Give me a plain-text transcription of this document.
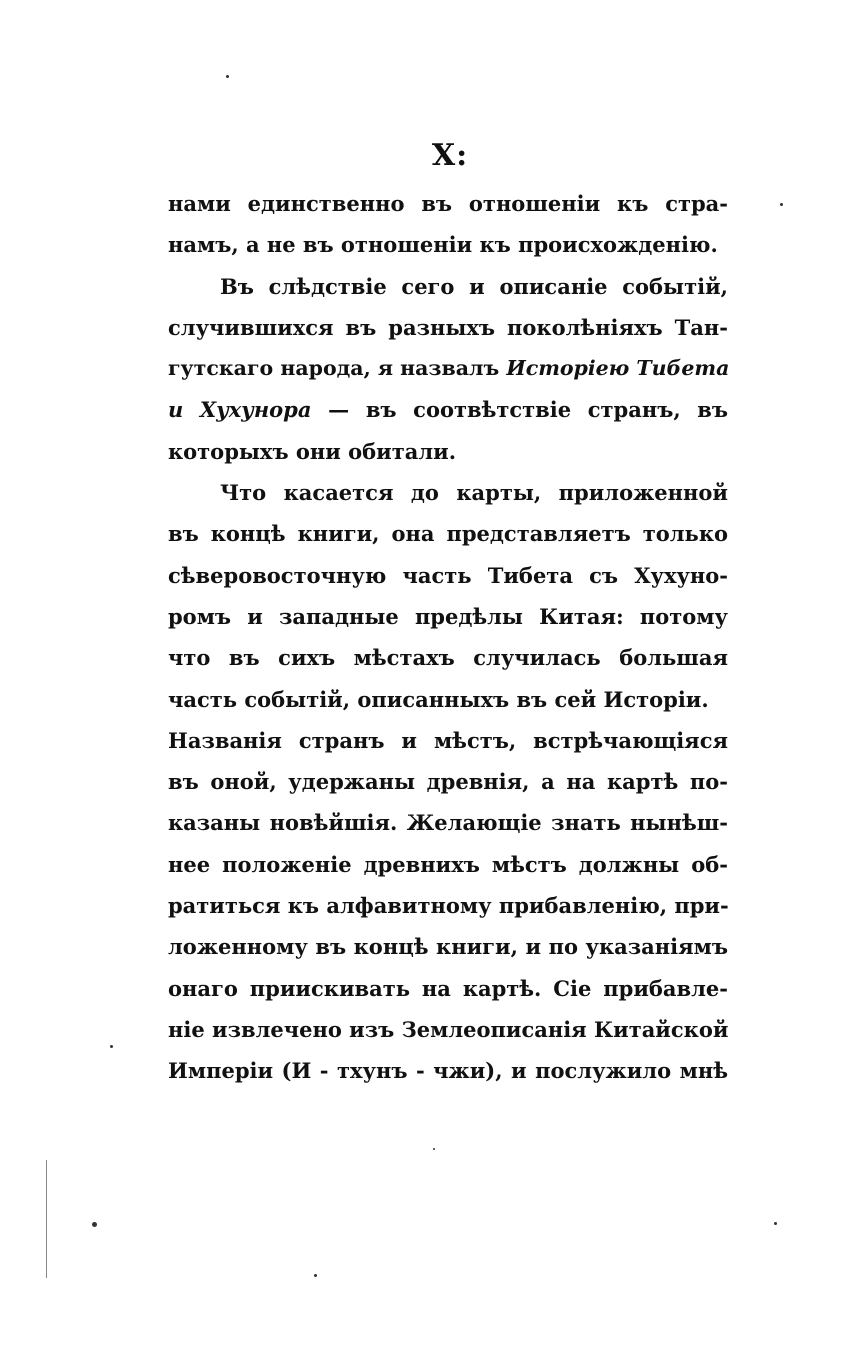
X:
нами единственно въ отношеніи къ стра-
намъ, а не въ отношеніи къ происхожденію.
Въ слѣдствіе сего и описаніе событій,
случившихся въ разныхъ поколѣніяхъ Тан-
гутскаго народа, я назвалъ Исторіею Тибета
и Хухунора — въ соотвѣтствіе странъ, въ
которыхъ они обитали.
Что касается до карты, приложенной
въ концѣ книги, она представляетъ только
сѣверовосточную часть Тибета съ Хухуно-
ромъ и западные предѣлы Китая: потому
что въ сихъ мѣстахъ случилась большая
часть событій, описанныхъ въ сей Исторіи.
Названія странъ и мѣстъ, встрѣчающіяся
въ оной, удержаны древнія, а на картѣ по-
казаны новѣйшія. Желающіе знать нынѣш-
нее положеніе древнихъ мѣстъ должны об-
ратиться къ алфавитному прибавленію, при-
ложенному въ концѣ книги, и по указаніямъ
онаго приискивать на картѣ. Сіе прибавле-
ніе извлечено изъ Землеописанія Китайской
Имперіи (И - тхунъ - чжи), и послужило мнѣ
